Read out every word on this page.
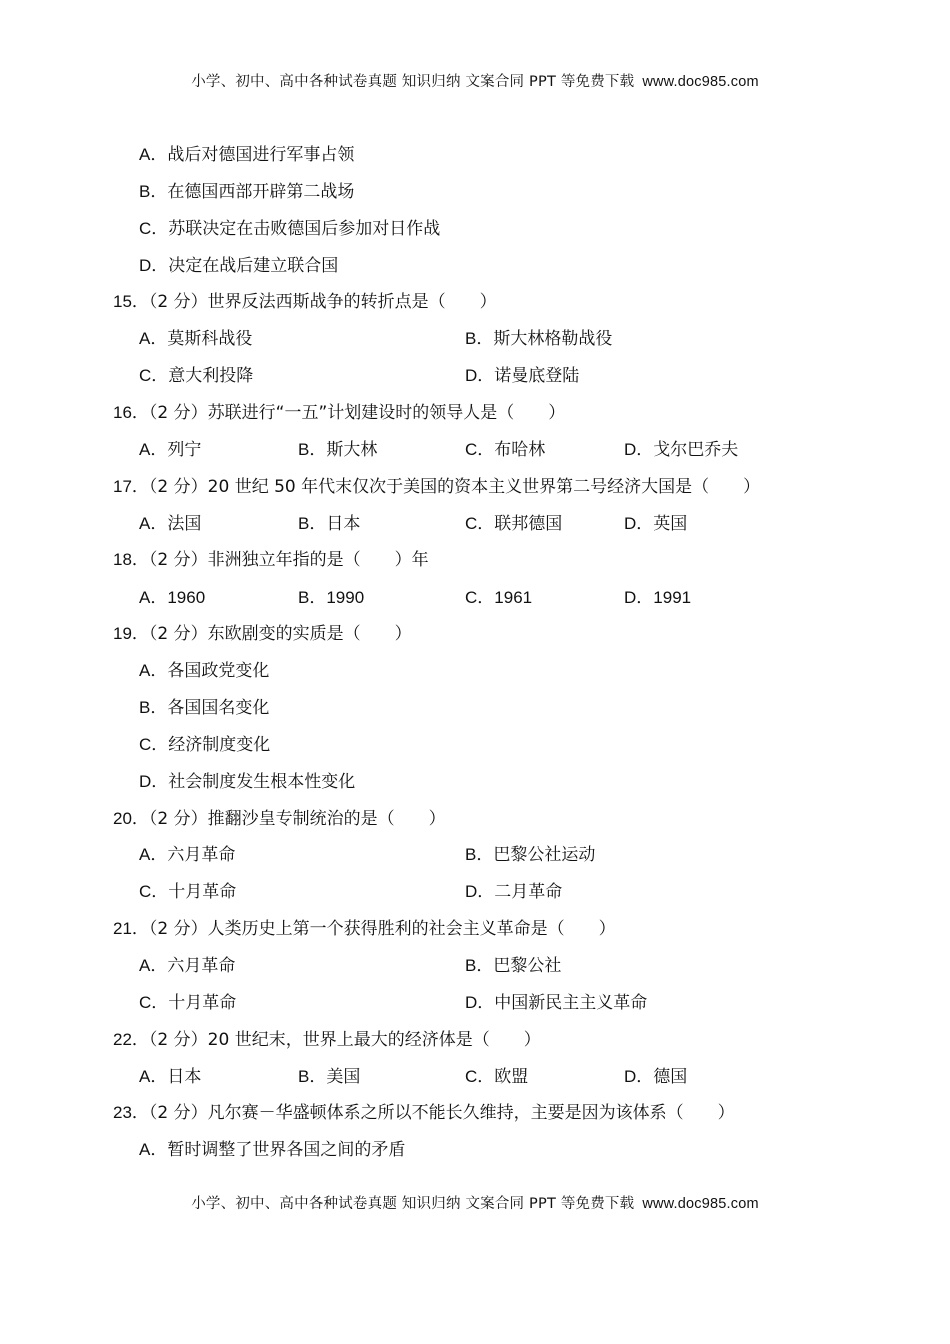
小学、初中、高中各种试卷真题 知识归纳 文案合同 PPT 等免费下载 www.doc985.com
A．战后对德国进行军事占领
B．在德国西部开辟第二战场
C．苏联决定在击败德国后参加对日作战
D．决定在战后建立联合国
15．（2 分）世界反法西斯战争的转折点是（　　）
A．莫斯科战役	B．斯大林格勒战役
C．意大利投降	D．诺曼底登陆
16．（2 分）苏联进行“一五”计划建设时的领导人是（　　）
A．列宁	B．斯大林	C．布哈林	D．戈尔巴乔夫
17．（2 分）20 世纪 50 年代末仅次于美国的资本主义世界第二号经济大国是（　　）
A．法国	B．日本	C．联邦德国	D．英国
18．（2 分）非洲独立年指的是（　　）年
A．1960	B．1990	C．1961	D．1991
19．（2 分）东欧剧变的实质是（　　）
A．各国政党变化
B．各国国名变化
C．经济制度变化
D．社会制度发生根本性变化
20．（2 分）推翻沙皇专制统治的是（　　）
A．六月革命	B．巴黎公社运动
C．十月革命	D．二月革命
21．（2 分）人类历史上第一个获得胜利的社会主义革命是（　　）
A．六月革命	B．巴黎公社
C．十月革命	D．中国新民主主义革命
22．（2 分）20 世纪末，世界上最大的经济体是（　　）
A．日本	B．美国	C．欧盟	D．德国
23．（2 分）凡尔赛－华盛顿体系之所以不能长久维持，主要是因为该体系（　　）
A．暂时调整了世界各国之间的矛盾
小学、初中、高中各种试卷真题 知识归纳 文案合同 PPT 等免费下载 www.doc985.com
